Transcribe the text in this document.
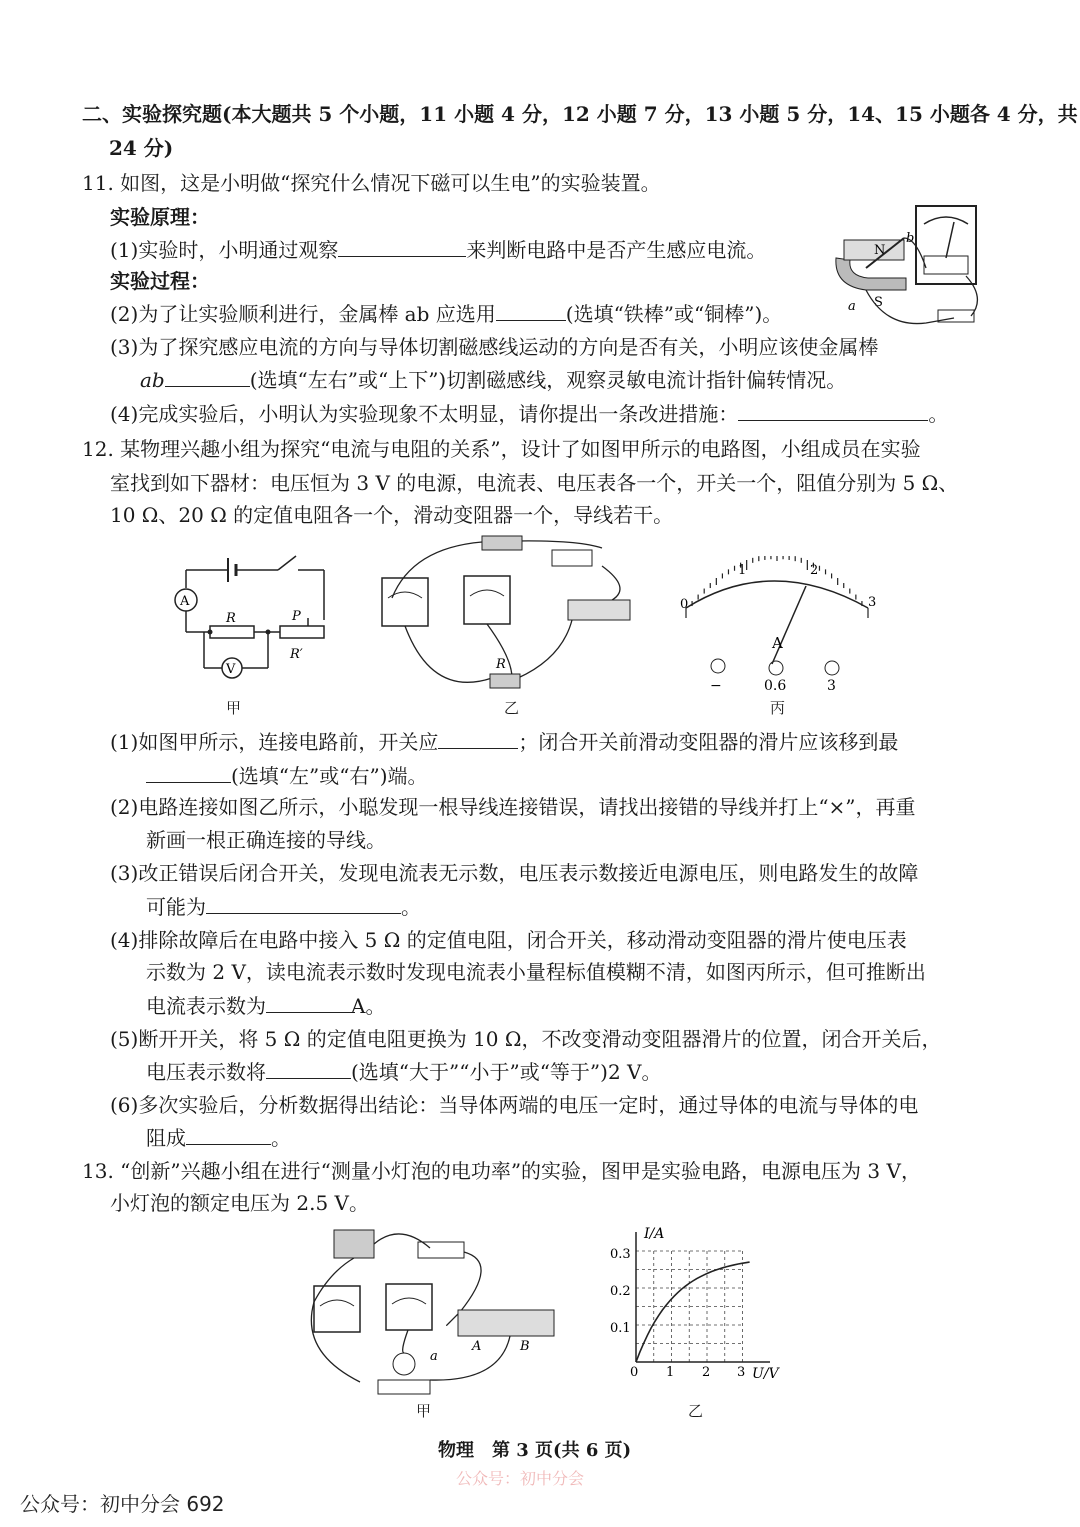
二、实验探究题(本大题共 5 个小题，11 小题 4 分，12 小题 7 分，13 小题 5 分，14、15 小题各 4 分，共
24 分)
11. 如图，这是小明做“探究什么情况下磁可以生电”的实验装置。
实验原理：
(1)实验时，小明通过观察	来判断电路中是否产生感应电流。
实验过程：
(2)为了让实验顺利进行，金属棒 ab 应选用	(选填“铁棒”或“铜棒”)。
(3)为了探究感应电流的方向与导体切割磁感线运动的方向是否有关，小明应该使金属棒
ab	(选填“左右”或“上下”)切割磁感线，观察灵敏电流计指针偏转情况。
(4)完成实验后，小明认为实验现象不太明显，请你提出一条改进措施：	。
N
S
a
b
12. 某物理兴趣小组为探究“电流与电阻的关系”，设计了如图甲所示的电路图，小组成员在实验
室找到如下器材：电压恒为 3 V 的电源，电流表、电压表各一个，开关一个，阻值分别为 5 Ω、
10 Ω、20 Ω 的定值电阻各一个，滑动变阻器一个，导线若干。
A
R	P
R′
V
甲
R
乙
0
1	2
3
A
−	0.6	3
丙
(1)如图甲所示，连接电路前，开关应	；闭合开关前滑动变阻器的滑片应该移到最
(选填“左”或“右”)端。
(2)电路连接如图乙所示，小聪发现一根导线连接错误，请找出接错的导线并打上“×”，再重
新画一根正确连接的导线。
(3)改正错误后闭合开关，发现电流表无示数，电压表示数接近电源电压，则电路发生的故障
可能为	。
(4)排除故障后在电路中接入 5 Ω 的定值电阻，闭合开关，移动滑动变阻器的滑片使电压表
示数为 2 V，读电流表示数时发现电流表小量程标值模糊不清，如图丙所示，但可推断出
电流表示数为	A。
(5)断开开关，将 5 Ω 的定值电阻更换为 10 Ω，不改变滑动变阻器滑片的位置，闭合开关后，
电压表示数将	(选填“大于”“小于”或“等于”)2 V。
(6)多次实验后，分析数据得出结论：当导体两端的电压一定时，通过导体的电流与导体的电
阻成	。
13. “创新”兴趣小组在进行“测量小灯泡的电功率”的实验，图甲是实验电路，电源电压为 3 V，
小灯泡的额定电压为 2.5 V。
A	B
a
甲
I/A
U/V
0 1 2 3
0.1
0.2
0.3
乙
物理　第 3 页(共 6 页)
公众号：初中分会
公众号：初中分会 692
